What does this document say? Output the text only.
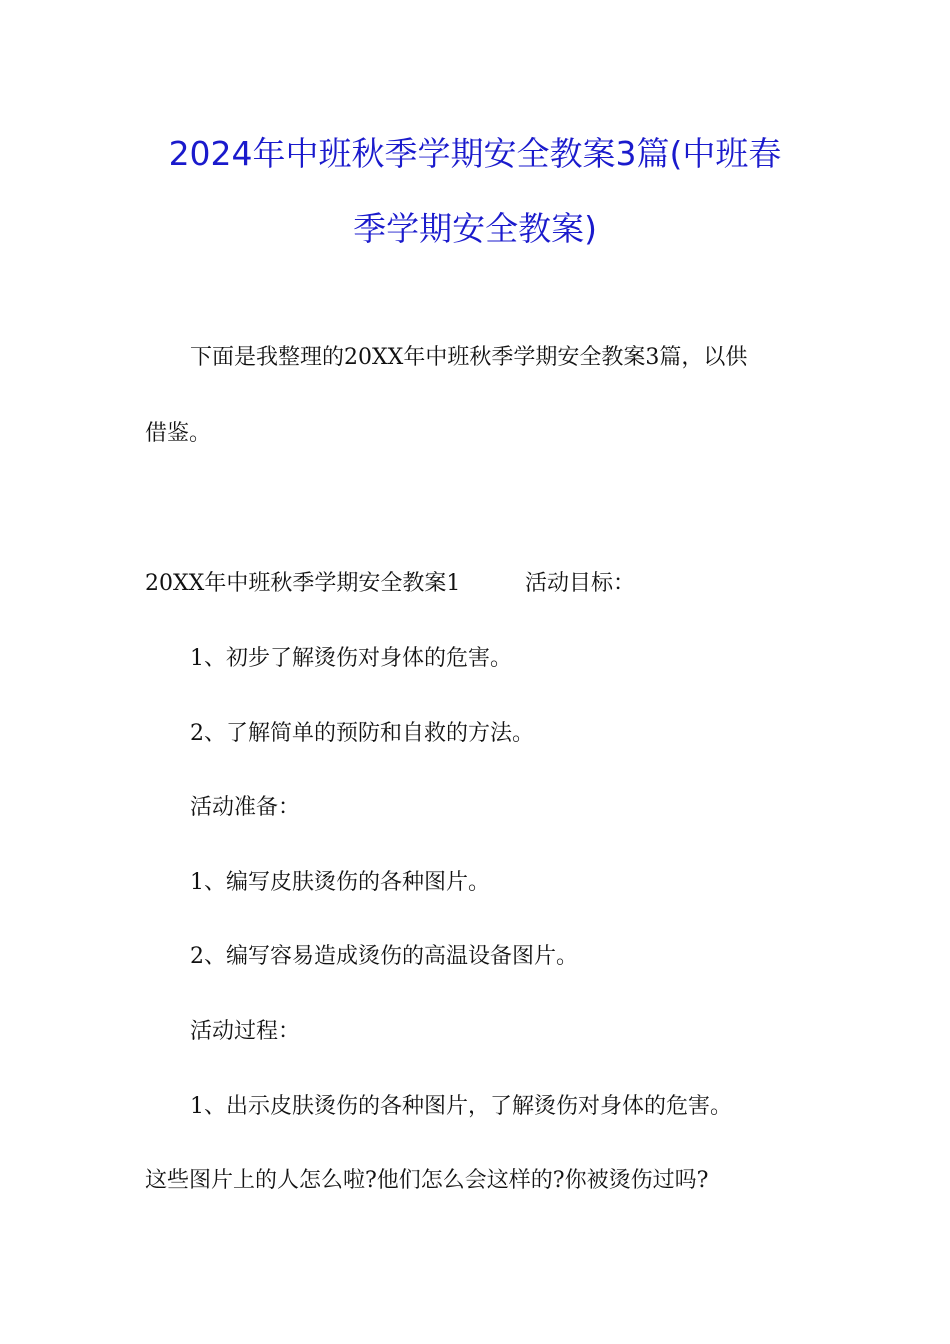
2024年中班秋季学期安全教案3篇(中班春
季学期安全教案)
下面是我整理的20XX年中班秋季学期安全教案3篇，以供
借鉴。
20XX年中班秋季学期安全教案1	活动目标：
1、初步了解烫伤对身体的危害。
2、了解简单的预防和自救的方法。
活动准备：
1、编写皮肤烫伤的各种图片。
2、编写容易造成烫伤的高温设备图片。
活动过程：
1、出示皮肤烫伤的各种图片，了解烫伤对身体的危害。
这些图片上的人怎么啦?他们怎么会这样的?你被烫伤过吗?
